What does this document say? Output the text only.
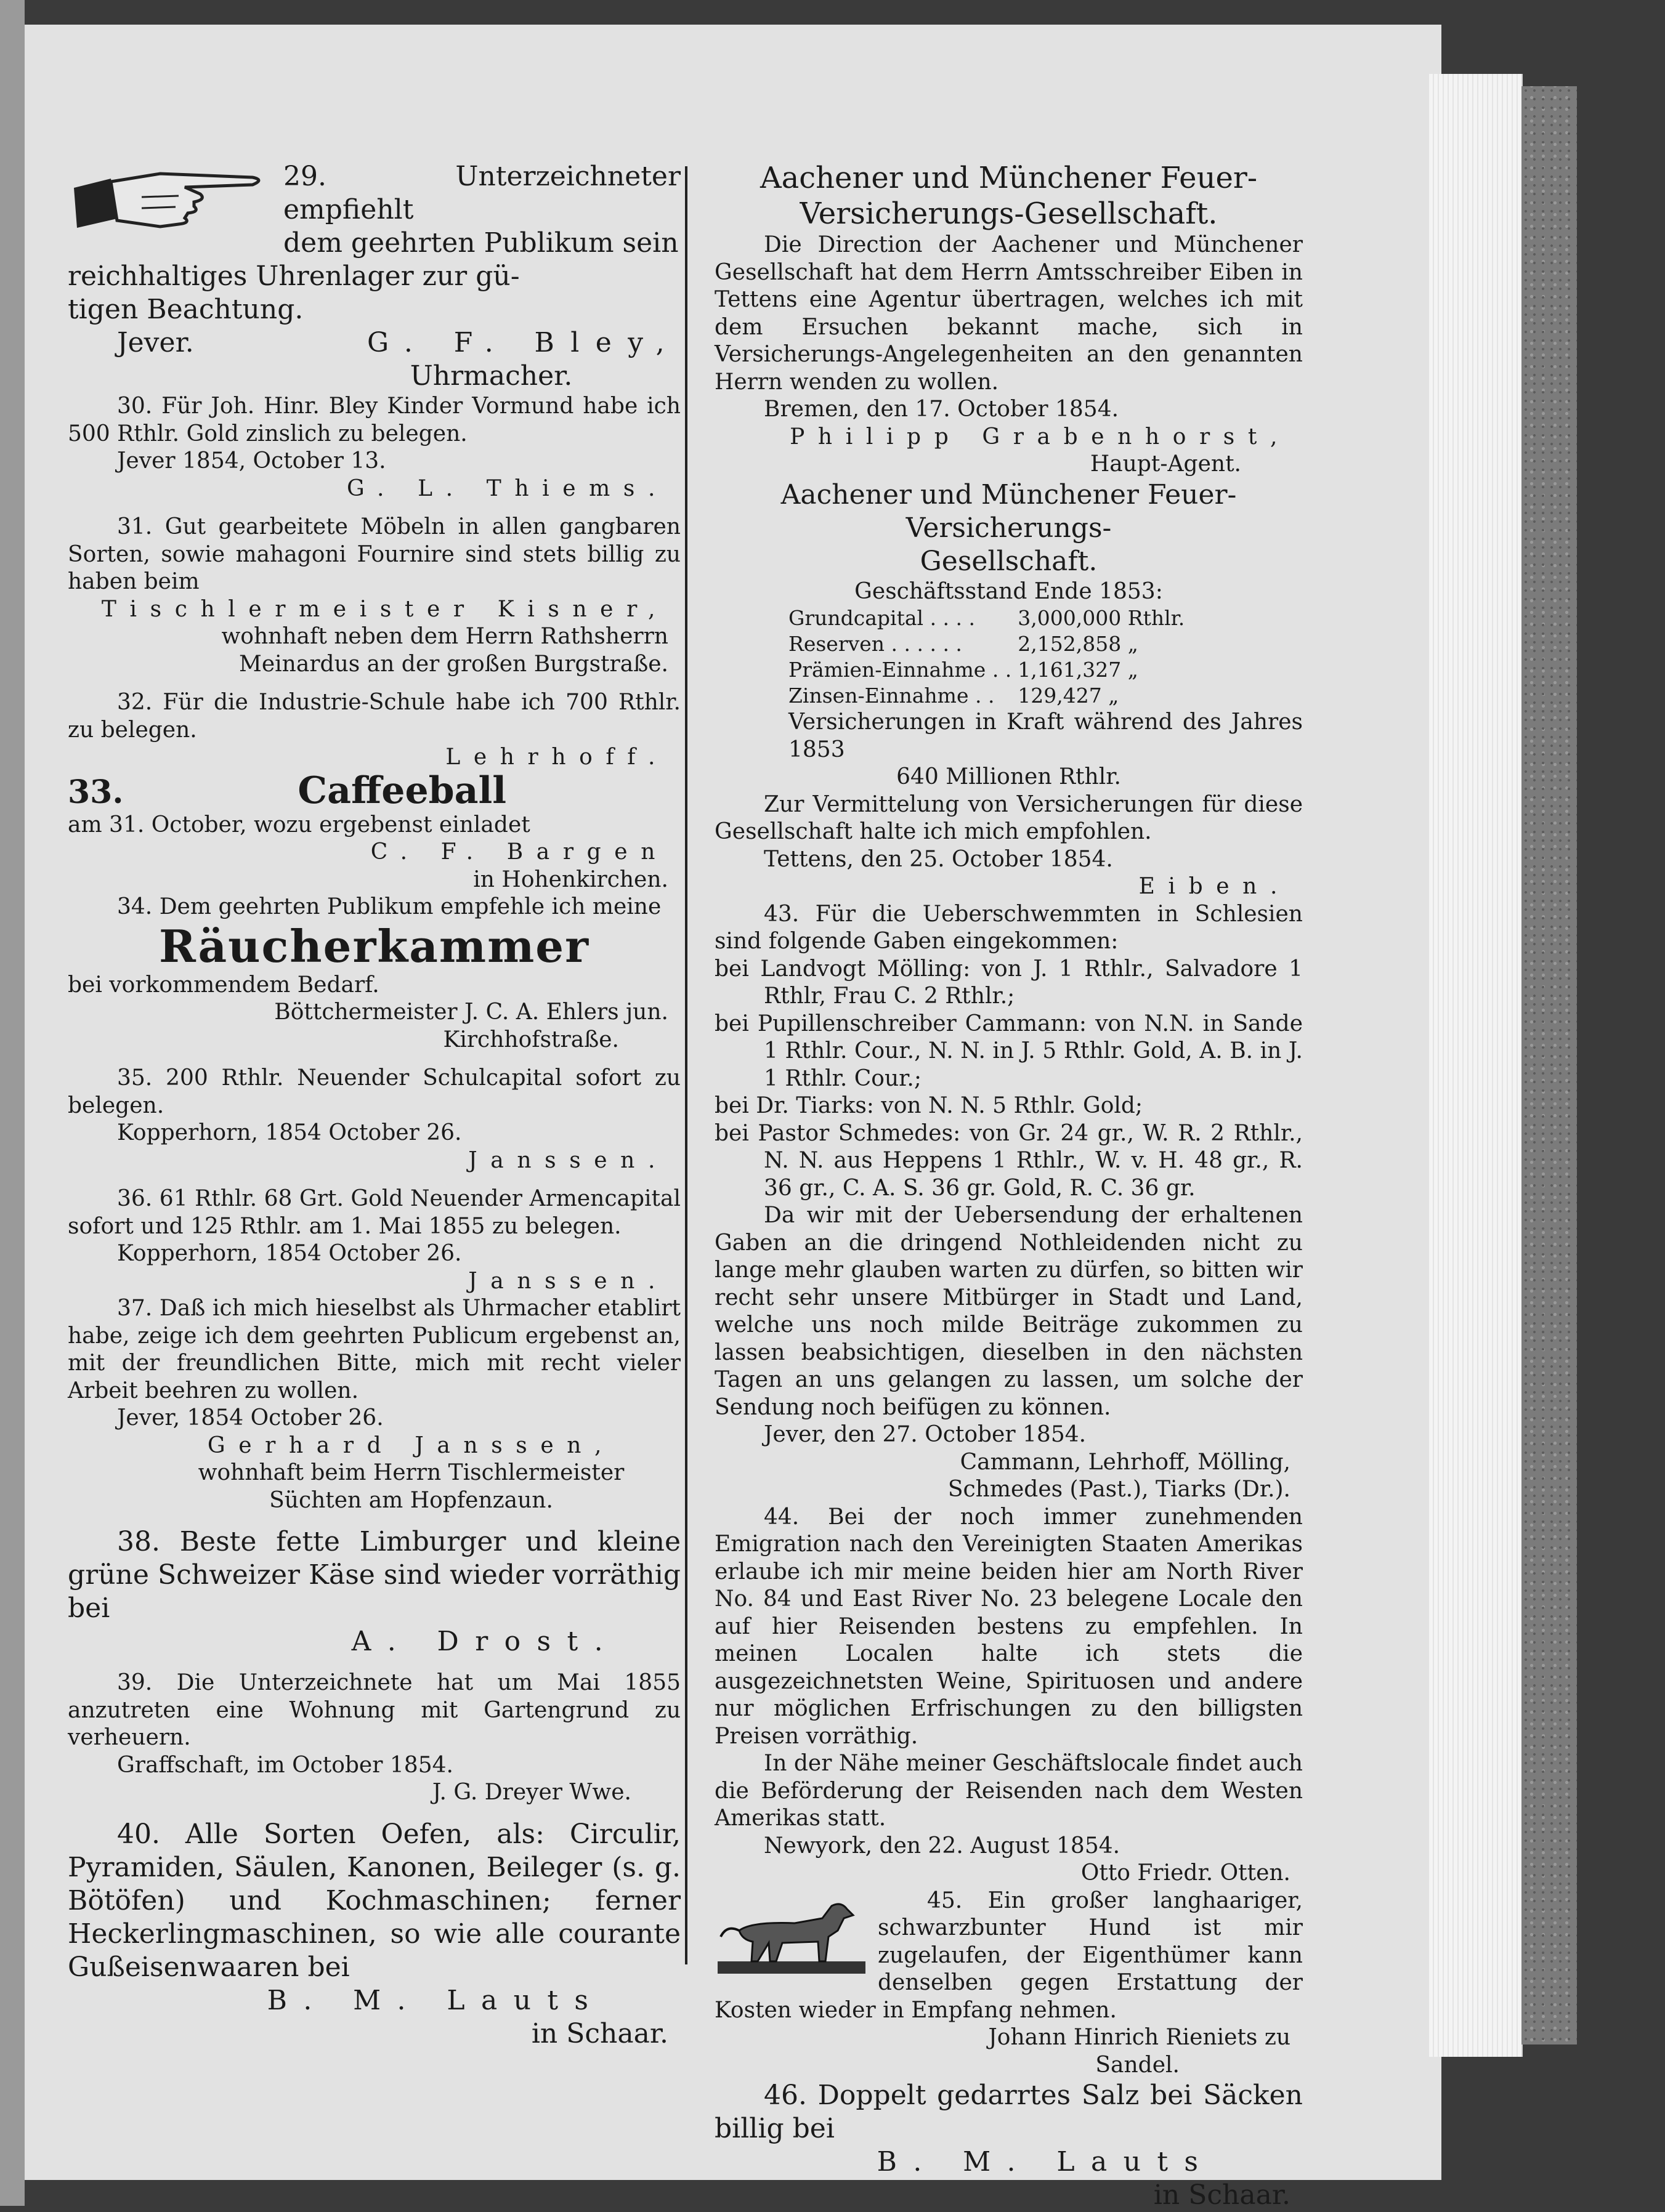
29. Unterzeichneter empfiehlt

dem geehrten Publikum sein

reichhaltiges Uhrenlager zur gü-

tigen Beachtung.

Jever.	G. F. Bley,

Uhrmacher.

30. Für Joh. Hinr. Bley Kinder Vormund habe ich 500 Rthlr. Gold zinslich zu belegen.

Jever 1854, October 13.

G. L. Thiems.

31. Gut gearbeitete Möbeln in allen gangbaren Sorten, sowie mahagoni Fournire sind stets billig zu haben beim

Tischlermeister Kisner,

wohnhaft neben dem Herrn Rathsherrn

Meinardus an der großen Burgstraße.

32. Für die Industrie-Schule habe ich 700 Rthlr. zu belegen.

Lehrhoff.

33.	Caffeeball

am 31. October, wozu ergebenst einladet

C. F. Bargen

in Hohenkirchen.

34. Dem geehrten Publikum empfehle ich meine

Räucherkammer

bei vorkommendem Bedarf.

Böttchermeister J. C. A. Ehlers jun.

Kirchhofstraße.

35. 200 Rthlr. Neuender Schulcapital sofort zu belegen.

Kopperhorn, 1854 October 26.

Janssen.

36. 61 Rthlr. 68 Grt. Gold Neuender Armencapital sofort und 125 Rthlr. am 1. Mai 1855 zu belegen.

Kopperhorn, 1854 October 26.

Janssen.

37. Daß ich mich hieselbst als Uhrmacher etablirt habe, zeige ich dem geehrten Publicum ergebenst an, mit der freundlichen Bitte, mich mit recht vieler Arbeit beehren zu wollen.

Jever, 1854 October 26.

Gerhard Janssen,

wohnhaft beim Herrn Tischlermeister

Süchten am Hopfenzaun.

38. Beste fette Limburger und kleine grüne Schweizer Käse sind wieder vorräthig bei

A. Drost.

39. Die Unterzeichnete hat um Mai 1855 anzutreten eine Wohnung mit Gartengrund zu verheuern.

Graffschaft, im October 1854.

J. G. Dreyer Wwe.

40. Alle Sorten Oefen, als: Circulir, Pyramiden, Säulen, Kanonen, Beileger (s. g. Bötöfen) und Kochmaschinen; ferner Heckerlingmaschinen, so wie alle courante Gußeisenwaaren bei

B. M. Lauts

in Schaar.

Aachener und Münchener Feuer-

Versicherungs-Gesellschaft.

Die Direction der Aachener und Münchener Gesellschaft hat dem Herrn Amtsschreiber Eiben in Tettens eine Agentur übertragen, welches ich mit dem Ersuchen bekannt mache, sich in Versicherungs-Angelegenheiten an den genannten Herrn wenden zu wollen.

Bremen, den 17. October 1854.

Philipp Grabenhorst,

Haupt-Agent.

Aachener und Münchener Feuer-Versicherungs-

Gesellschaft.

Geschäftsstand Ende 1853:

Grundcapital . . . .	3,000,000 Rthlr.
Reserven . . . . . .	2,152,858 „
Prämien-Einnahme . .	1,161,327 „
Zinsen-Einnahme . .	129,427 „

Versicherungen in Kraft während des Jahres 1853

640 Millionen Rthlr.

Zur Vermittelung von Versicherungen für diese Gesellschaft halte ich mich empfohlen.

Tettens, den 25. October 1854.

Eiben.

43. Für die Ueberschwemmten in Schlesien sind folgende Gaben eingekommen:

bei Landvogt Mölling: von J. 1 Rthlr., Salvadore 1 Rthlr, Frau C. 2 Rthlr.;

bei Pupillenschreiber Cammann: von N.N. in Sande 1 Rthlr. Cour., N. N. in J. 5 Rthlr. Gold, A. B. in J. 1 Rthlr. Cour.;

bei Dr. Tiarks: von N. N. 5 Rthlr. Gold;

bei Pastor Schmedes: von Gr. 24 gr., W. R. 2 Rthlr., N. N. aus Heppens 1 Rthlr., W. v. H. 48 gr., R. 36 gr., C. A. S. 36 gr. Gold, R. C. 36 gr.

Da wir mit der Uebersendung der erhaltenen Gaben an die dringend Nothleidenden nicht zu lange mehr glauben warten zu dürfen, so bitten wir recht sehr unsere Mitbürger in Stadt und Land, welche uns noch milde Beiträge zukommen zu lassen beabsichtigen, dieselben in den nächsten Tagen an uns gelangen zu lassen, um solche der Sendung noch beifügen zu können.

Jever, den 27. October 1854.

Cammann, Lehrhoff, Mölling,

Schmedes (Past.), Tiarks (Dr.).

44. Bei der noch immer zunehmenden Emigration nach den Vereinigten Staaten Amerikas erlaube ich mir meine beiden hier am North River No. 84 und East River No. 23 belegene Locale den auf hier Reisenden bestens zu empfehlen. In meinen Localen halte ich stets die ausgezeichnetsten Weine, Spirituosen und andere nur möglichen Erfrischungen zu den billigsten Preisen vorräthig.

In der Nähe meiner Geschäftslocale findet auch die Beförderung der Reisenden nach dem Westen Amerikas statt.

Newyork, den 22. August 1854.

Otto Friedr. Otten.

45. Ein großer langhaariger, schwarzbunter Hund ist mir zugelaufen, der Eigenthümer kann denselben gegen Erstattung der Kosten wieder in Empfang nehmen.

Johann Hinrich Rieniets zu

Sandel.

46. Doppelt gedarrtes Salz bei Säcken billig bei

B. M. Lauts

in Schaar.
